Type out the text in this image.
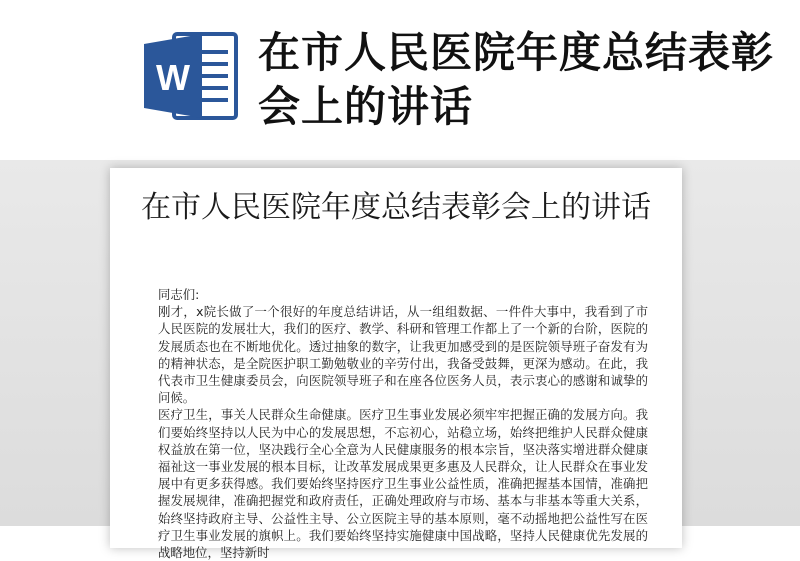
W
在市人民医院年度总结表彰会上的讲话
在市人民医院年度总结表彰会上的讲话

同志们:

刚才，x院长做了一个很好的年度总结讲话，从一组组数据、一件件大事中，我看到了市人民医院的发展壮大，我们的医疗、教学、科研和管理工作都上了一个新的台阶，医院的发展质态也在不断地优化。透过抽象的数字，让我更加感受到的是医院领导班子奋发有为的精神状态，是全院医护职工勤勉敬业的辛劳付出，我备受鼓舞，更深为感动。在此，我代表市卫生健康委员会，向医院领导班子和在座各位医务人员，表示衷心的感谢和诚挚的问候。

医疗卫生，事关人民群众生命健康。医疗卫生事业发展必须牢牢把握正确的发展方向。我们要始终坚持以人民为中心的发展思想，不忘初心，站稳立场，始终把维护人民群众健康权益放在第一位，坚决践行全心全意为人民健康服务的根本宗旨，坚决落实增进群众健康福祉这一事业发展的根本目标，让改革发展成果更多惠及人民群众，让人民群众在事业发展中有更多获得感。我们要始终坚持医疗卫生事业公益性质，准确把握基本国情，准确把握发展规律，准确把握党和政府责任，正确处理政府与市场、基本与非基本等重大关系，始终坚持政府主导、公益性主导、公立医院主导的基本原则，毫不动摇地把公益性写在医疗卫生事业发展的旗帜上。我们要始终坚持实施健康中国战略，坚持人民健康优先发展的战略地位，坚持新时
